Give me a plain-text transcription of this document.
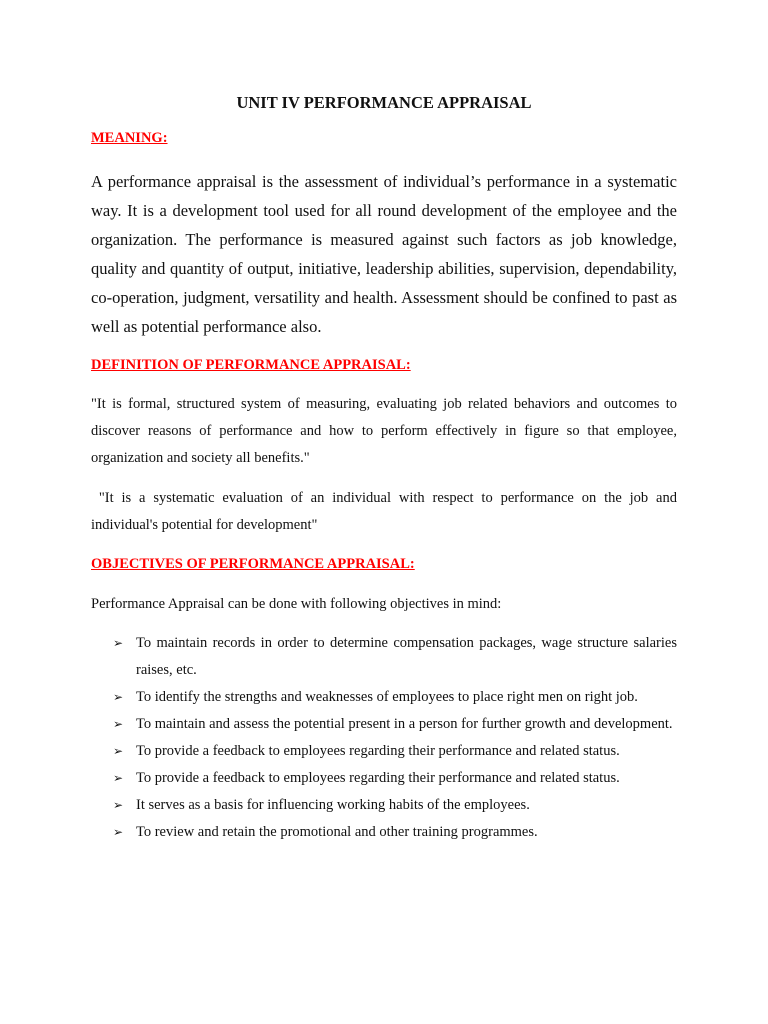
UNIT IV PERFORMANCE APPRAISAL
MEANING:

A performance appraisal is the assessment of individual’s performance in a systematic way. It is a development tool used for all round development of the employee and the organization. The performance is measured against such factors as job knowledge, quality and quantity of output, initiative, leadership abilities, supervision, dependability, co-operation, judgment, versatility and health. Assessment should be confined to past as well as potential performance also.

DEFINITION OF PERFORMANCE APPRAISAL:

"It is formal, structured system of measuring, evaluating job related behaviors and outcomes to discover reasons of performance and how to perform effectively in figure so that employee, organization and society all benefits."

"It is a systematic evaluation of an individual with respect to performance on the job and individual's potential for development"

OBJECTIVES OF PERFORMANCE APPRAISAL:

Performance Appraisal can be done with following objectives in mind:

➢ To maintain records in order to determine compensation packages, wage structure salaries raises, etc.
➢ To identify the strengths and weaknesses of employees to place right men on right job.
➢ To maintain and assess the potential present in a person for further growth and development.
➢ To provide a feedback to employees regarding their performance and related status.
➢ To provide a feedback to employees regarding their performance and related status.
➢ It serves as a basis for influencing working habits of the employees.
➢ To review and retain the promotional and other training programmes.
